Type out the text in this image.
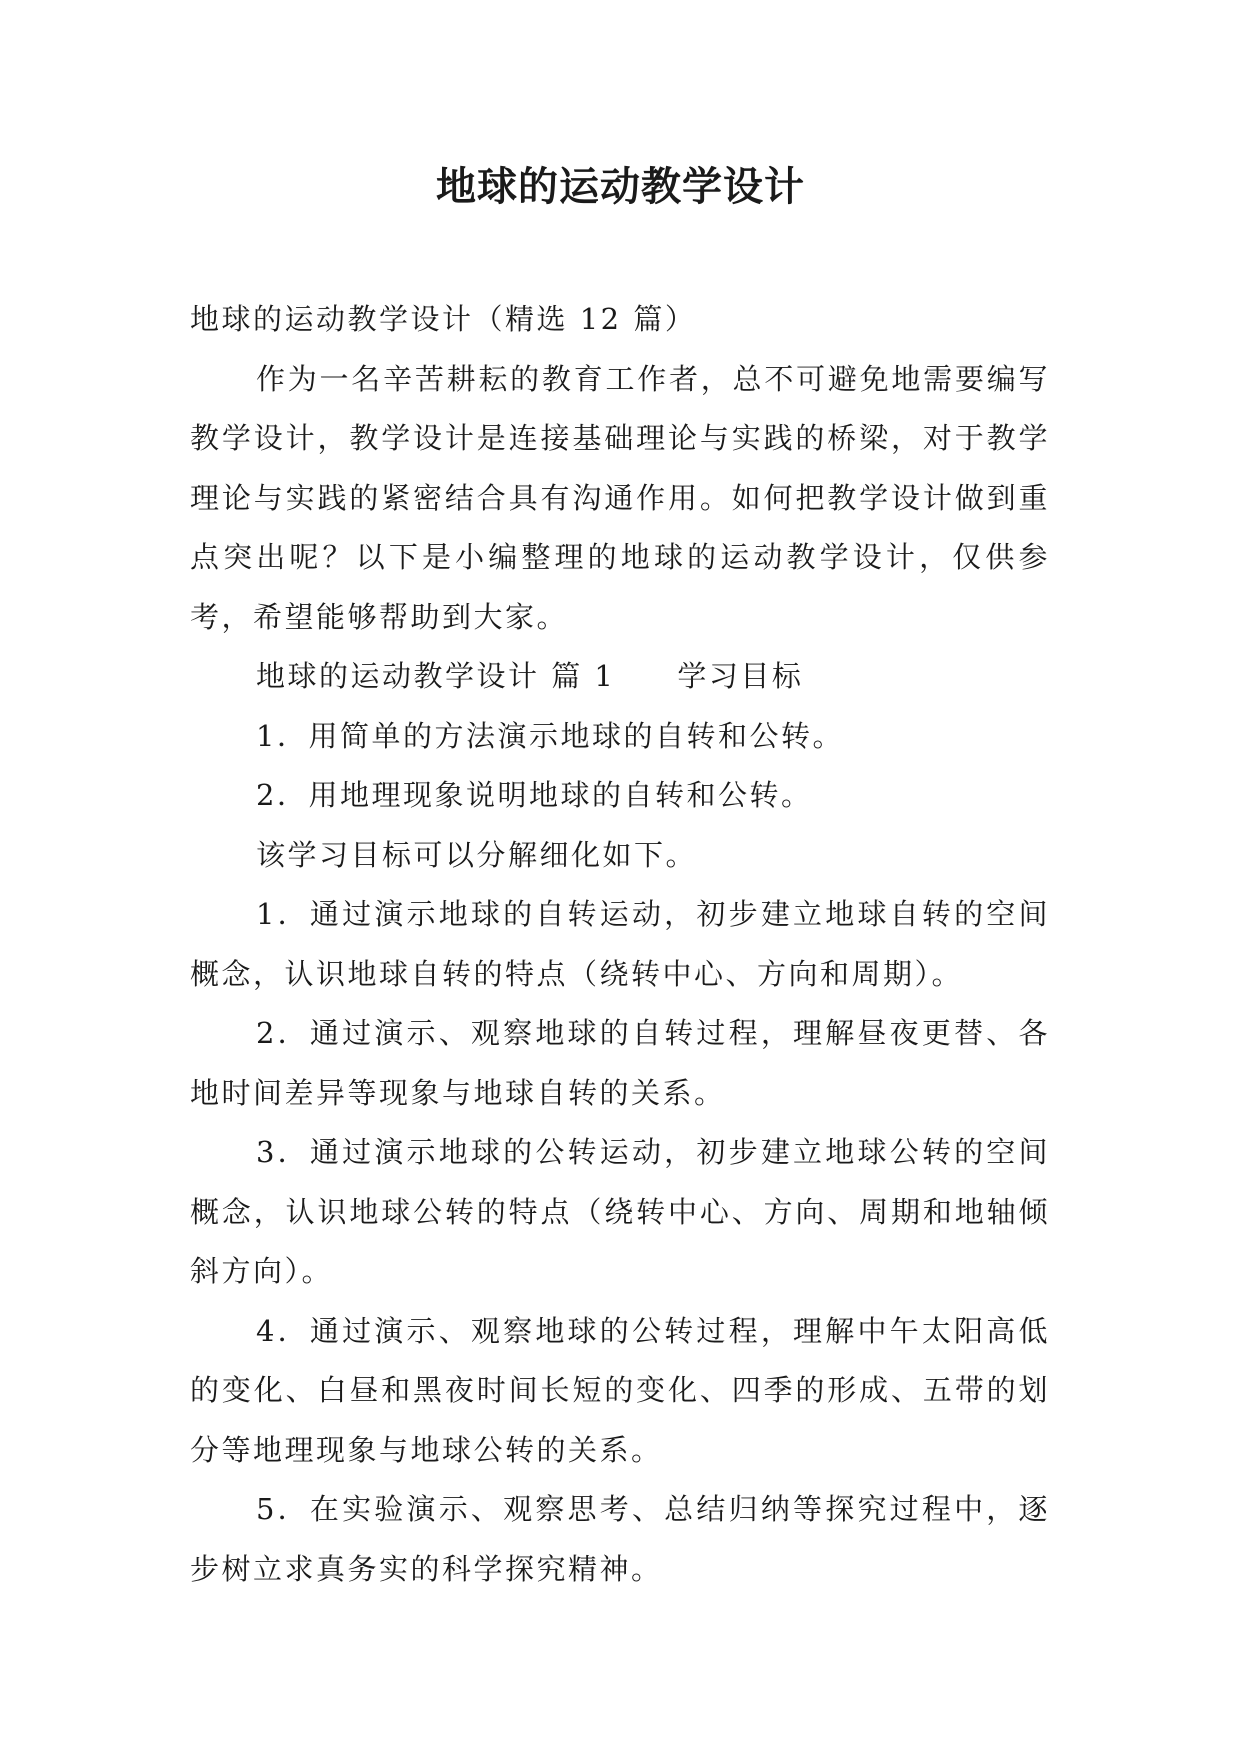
地球的运动教学设计

地球的运动教学设计（精选 12 篇）

作为一名辛苦耕耘的教育工作者，总不可避免地需要编写教学设计，教学设计是连接基础理论与实践的桥梁，对于教学理论与实践的紧密结合具有沟通作用。如何把教学设计做到重点突出呢？以下是小编整理的地球的运动教学设计，仅供参考，希望能够帮助到大家。

地球的运动教学设计 篇 1 学习目标

1．用简单的方法演示地球的自转和公转。

2．用地理现象说明地球的自转和公转。

该学习目标可以分解细化如下。

1．通过演示地球的自转运动，初步建立地球自转的空间概念，认识地球自转的特点（绕转中心、方向和周期）。

2．通过演示、观察地球的自转过程，理解昼夜更替、各地时间差异等现象与地球自转的关系。

3．通过演示地球的公转运动，初步建立地球公转的空间概念，认识地球公转的特点（绕转中心、方向、周期和地轴倾斜方向）。

4．通过演示、观察地球的公转过程，理解中午太阳高低的变化、白昼和黑夜时间长短的变化、四季的形成、五带的划分等地理现象与地球公转的关系。

5．在实验演示、观察思考、总结归纳等探究过程中，逐步树立求真务实的科学探究精神。
